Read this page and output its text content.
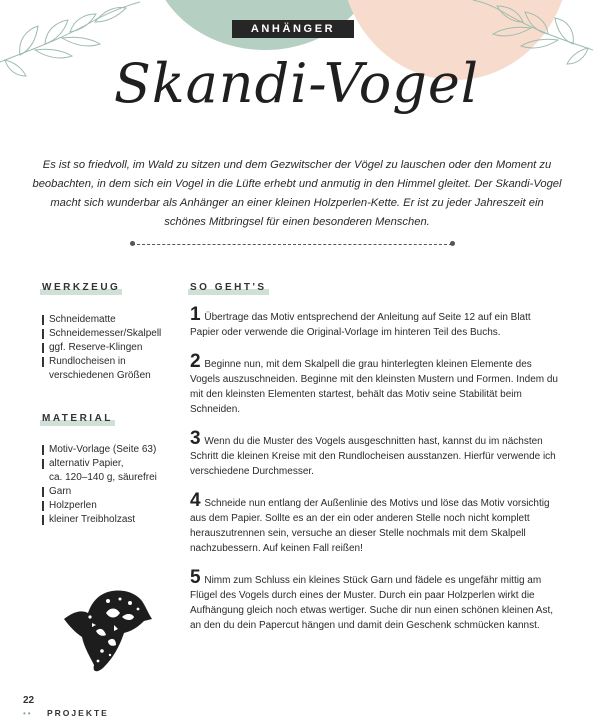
ANHÄNGER
Skandi-Vogel

Es ist so friedvoll, im Wald zu sitzen und dem Gezwitscher der Vögel zu lauschen oder den Moment zu beobachten, in dem sich ein Vogel in die Lüfte erhebt und anmutig in den Himmel gleitet. Der Skandi-Vogel macht sich wunderbar als Anhänger an einer kleinen Holzperlen-Kette. Er ist zu jeder Jahreszeit ein schönes Mitbringsel für einen besonderen Menschen.

WERKZEUG
Schneidematte
Schneidemesser/Skalpell
ggf. Reserve-Klingen
Rundlocheisen in
verschiedenen Größen
MATERIAL
Motiv-Vorlage (Seite 63)
alternativ Papier,
ca. 120–140 g, säurefrei
Garn
Holzperlen
kleiner Treibholzast
SO GEHT'S

1 Übertrage das Motiv entsprechend der Anleitung auf Seite 12 auf ein Blatt Papier oder verwende die Original-Vorlage im hinteren Teil des Buchs.

2 Beginne nun, mit dem Skalpell die grau hinterlegten kleinen Elemente des Vogels auszuschneiden. Beginne mit den kleinsten Mustern und Formen. Indem du mit den kleinsten Elementen startest, behält das Motiv seine Stabilität beim Schneiden.

3 Wenn du die Muster des Vogels ausgeschnitten hast, kannst du im nächsten Schritt die kleinen Kreise mit den Rundlocheisen ausstanzen. Hierfür verwende ich verschiedene Durchmesser.

4 Schneide nun entlang der Außenlinie des Motivs und löse das Motiv vorsichtig aus dem Papier. Sollte es an der ein oder anderen Stelle noch nicht komplett herauszutrennen sein, versuche an dieser Stelle nochmals mit dem Skalpell nachzubessern. Auf keinen Fall reißen!

5 Nimm zum Schluss ein kleines Stück Garn und fädele es ungefähr mittig am Flügel des Vogels durch eines der Muster. Durch ein paar Holzperlen wirkt die Aufhängung gleich noch etwas wertiger. Suche dir nun einen schönen kleinen Ast, an den du dein Papercut hängen und damit dein Geschenk schmücken kannst.

22
•• PROJEKTE
